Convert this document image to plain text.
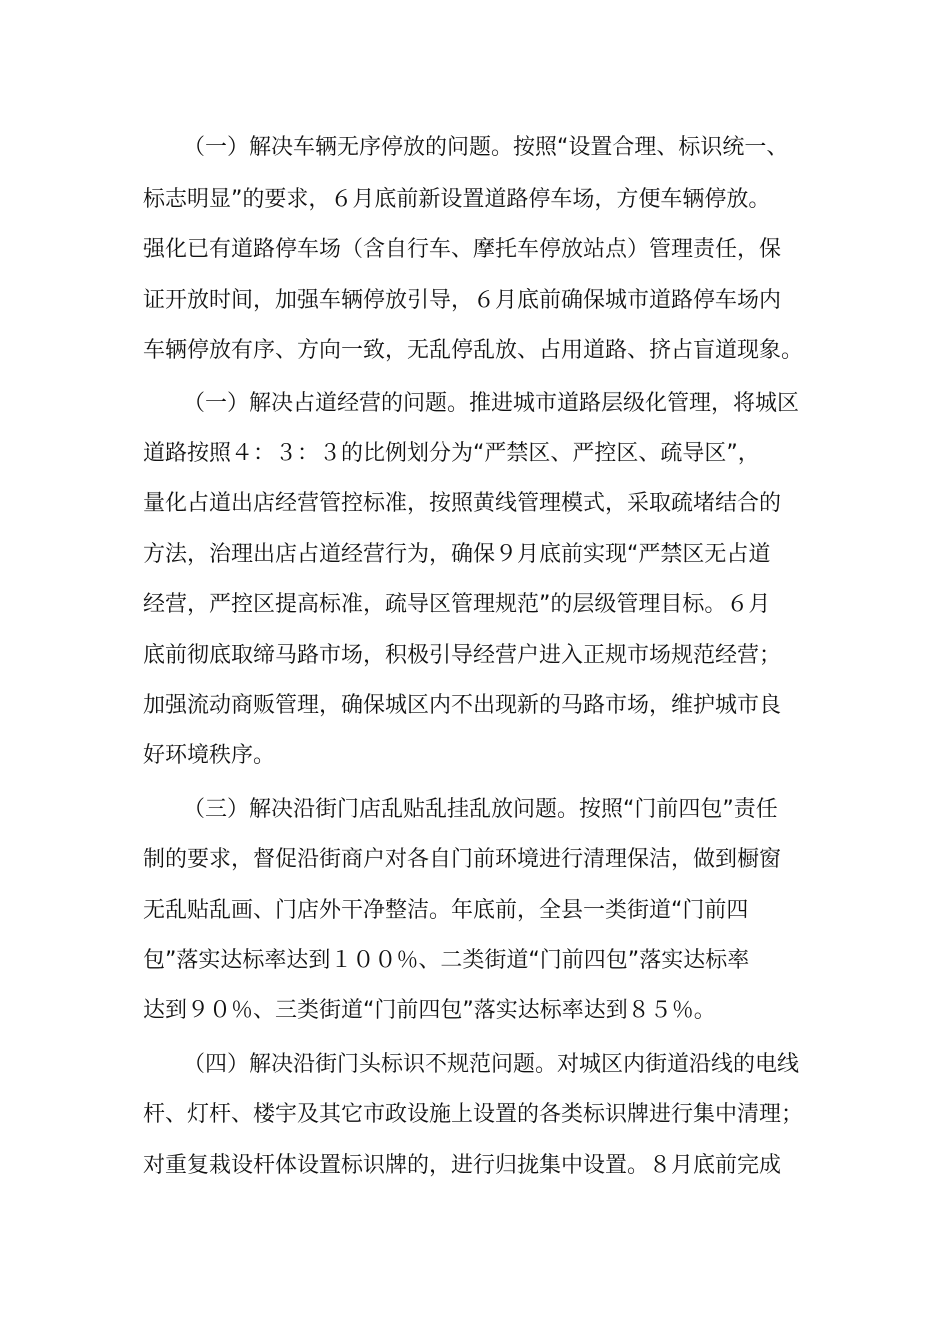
（一）解决车辆无序停放的问题。按照“设置合理、标识统一、
标志明显”的要求，６月底前新设置道路停车场，方便车辆停放。
强化已有道路停车场（含自行车、摩托车停放站点）管理责任，保
证开放时间，加强车辆停放引导，６月底前确保城市道路停车场内
车辆停放有序、方向一致，无乱停乱放、占用道路、挤占盲道现象。
（一）解决占道经营的问题。推进城市道路层级化管理，将城区
道路按照４：３：３的比例划分为“严禁区、严控区、疏导区”，
量化占道出店经营管控标准，按照黄线管理模式，采取疏堵结合的
方法，治理出店占道经营行为，确保９月底前实现“严禁区无占道
经营，严控区提高标准，疏导区管理规范”的层级管理目标。６月
底前彻底取缔马路市场，积极引导经营户进入正规市场规范经营；
加强流动商贩管理，确保城区内不出现新的马路市场，维护城市良
好环境秩序。
（三）解决沿街门店乱贴乱挂乱放问题。按照“门前四包”责任
制的要求，督促沿街商户对各自门前环境进行清理保洁，做到橱窗
无乱贴乱画、门店外干净整洁。年底前，全县一类街道“门前四
包”落实达标率达到１００％、二类街道“门前四包”落实达标率
达到９０％、三类街道“门前四包”落实达标率达到８５％。
（四）解决沿街门头标识不规范问题。对城区内街道沿线的电线
杆、灯杆、楼宇及其它市政设施上设置的各类标识牌进行集中清理；
对重复栽设杆体设置标识牌的，进行归拢集中设置。８月底前完成
